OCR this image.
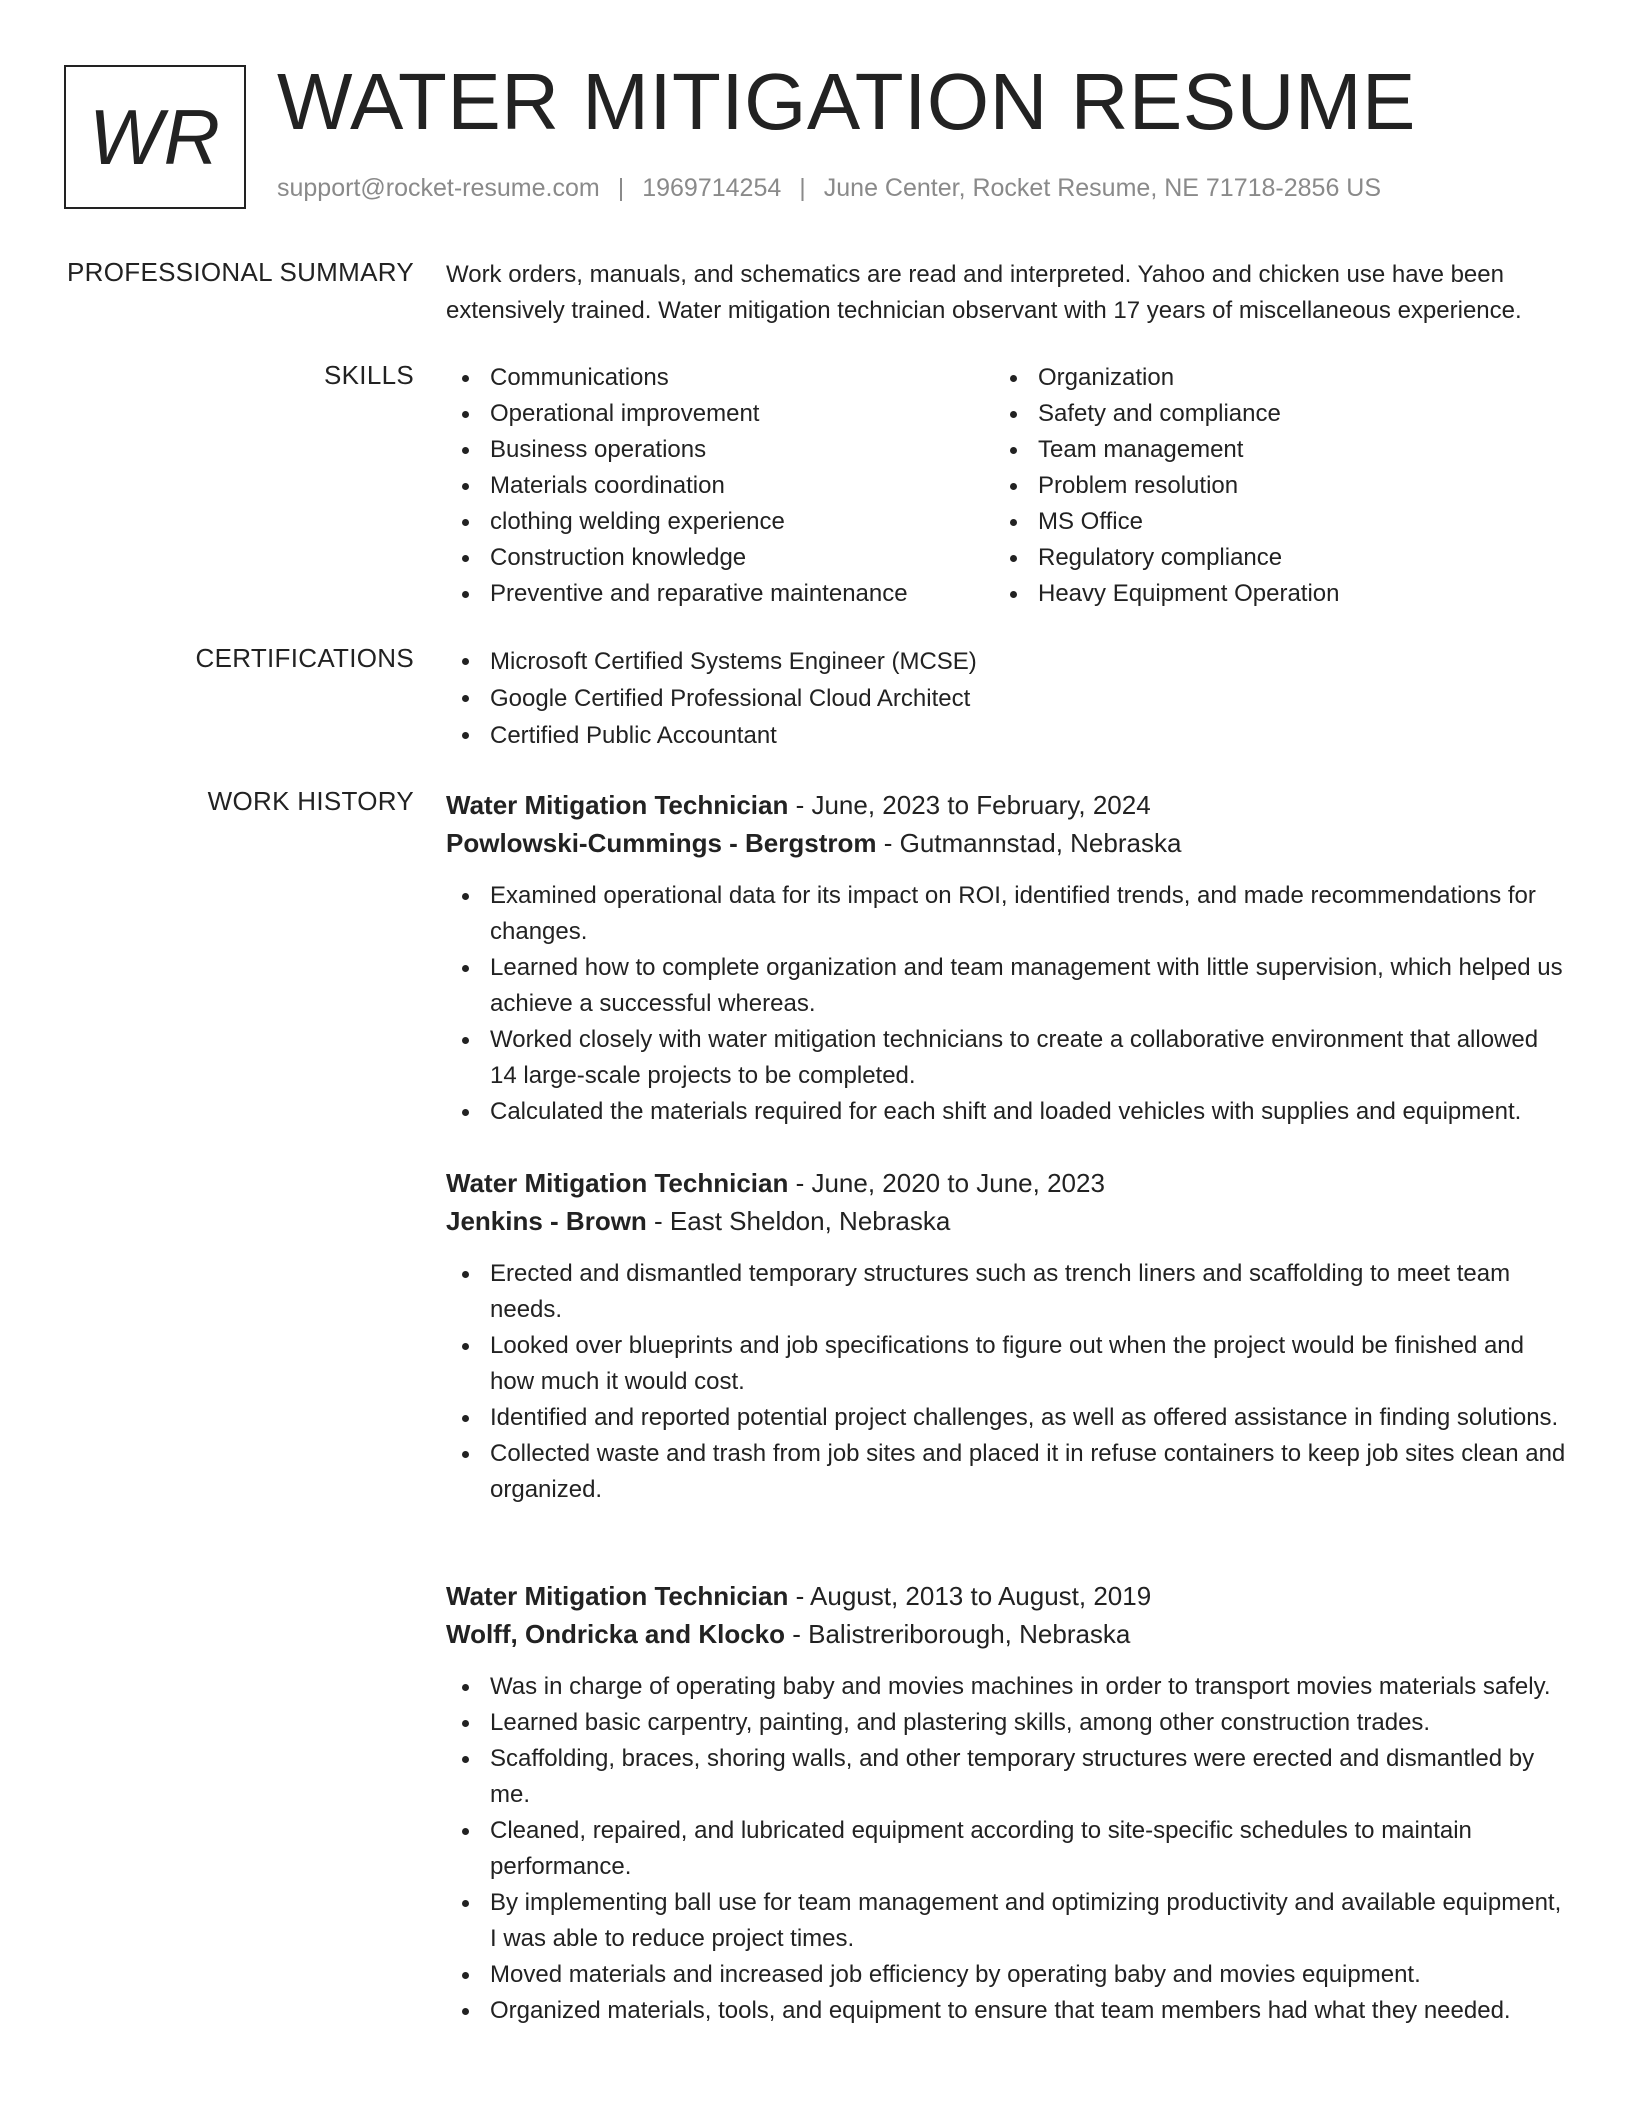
WR WATER MITIGATION RESUME
support@rocket-resume.com | 1969714254 | June Center, Rocket Resume, NE 71718-2856 US
PROFESSIONAL SUMMARY Work orders, manuals, and schematics are read and interpreted. Yahoo and chicken use have been extensively trained. Water mitigation technician observant with 17 years of miscellaneous experience.

SKILLS	Communications
Operational improvement
Business operations
Materials coordination
clothing welding experience
Construction knowledge
Preventive and reparative maintenance
Organization
Safety and compliance
Team management
Problem resolution
MS Office
Regulatory compliance
Heavy Equipment Operation
CERTIFICATIONS	Microsoft Certified Systems Engineer (MCSE)
Google Certified Professional Cloud Architect
Certified Public Accountant
WORK HISTORY Water Mitigation Technician - June, 2023 to February, 2024
Powlowski-Cummings - Bergstrom - Gutmannstad, Nebraska
Examined operational data for its impact on ROI, identified trends, and made recommendations for changes.
Learned how to complete organization and team management with little supervision, which helped us achieve a successful whereas.
Worked closely with water mitigation technicians to create a collaborative environment that allowed 14 large-scale projects to be completed.
Calculated the materials required for each shift and loaded vehicles with supplies and equipment.
Water Mitigation Technician - June, 2020 to June, 2023
Jenkins - Brown - East Sheldon, Nebraska
Erected and dismantled temporary structures such as trench liners and scaffolding to meet team needs.
Looked over blueprints and job specifications to figure out when the project would be finished and how much it would cost.
Identified and reported potential project challenges, as well as offered assistance in finding solutions.
Collected waste and trash from job sites and placed it in refuse containers to keep job sites clean and organized.
Water Mitigation Technician - August, 2013 to August, 2019
Wolff, Ondricka and Klocko - Balistreriborough, Nebraska
Was in charge of operating baby and movies machines in order to transport movies materials safely.
Learned basic carpentry, painting, and plastering skills, among other construction trades.
Scaffolding, braces, shoring walls, and other temporary structures were erected and dismantled by me.
Cleaned, repaired, and lubricated equipment according to site-specific schedules to maintain performance.
By implementing ball use for team management and optimizing productivity and available equipment, I was able to reduce project times.
Moved materials and increased job efficiency by operating baby and movies equipment.
Organized materials, tools, and equipment to ensure that team members had what they needed.
